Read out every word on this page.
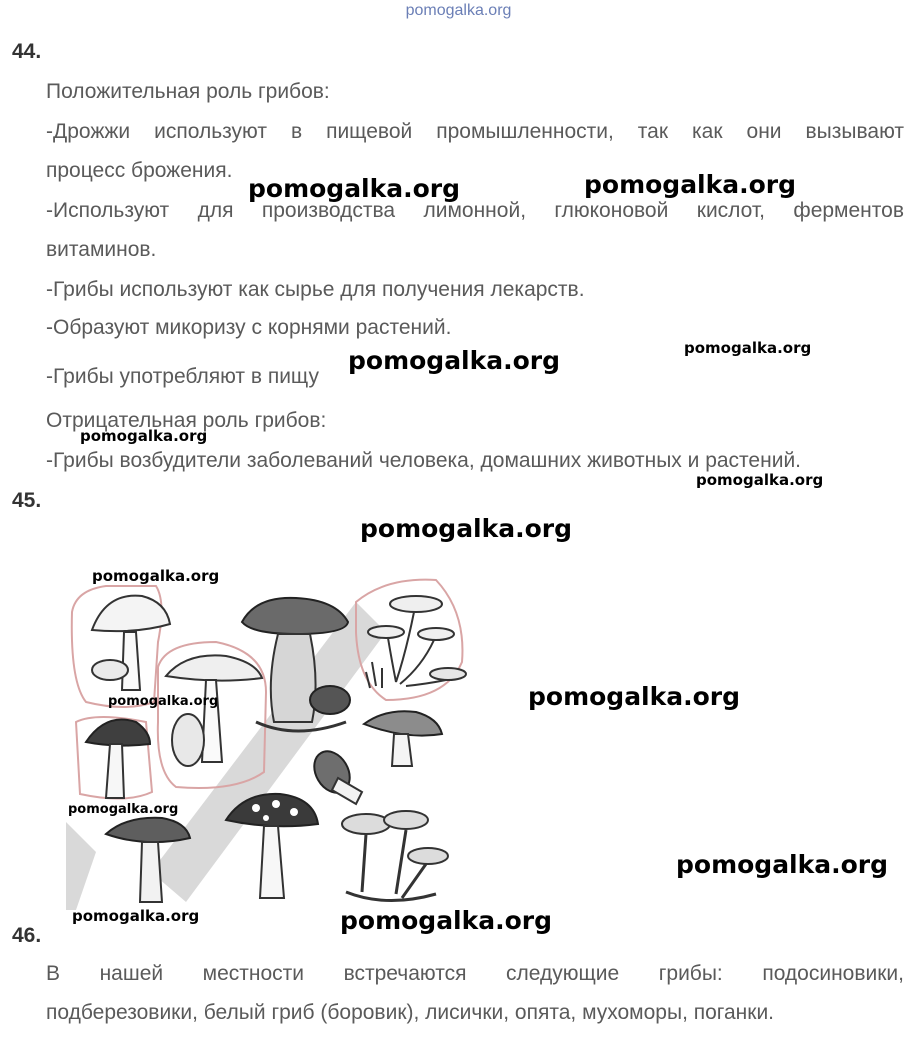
pomogalka.org
44.
Положительная роль грибов:
-Дрожжи используют в пищевой промышленности, так как они вызывают
процесс брожения.
-Используют для производства лимонной, глюконовой кислот, ферментов
витаминов.
-Грибы используют как сырье для получения лекарств.
-Образуют микоризу с корнями растений.
-Грибы употребляют в пищу
Отрицательная роль грибов:
-Грибы возбудители заболеваний человека, домашних животных и растений.
45.
46.
В нашей местности встречаются следующие грибы: подосиновики,
подберезовики, белый гриб (боровик), лисички, опята, мухоморы, поганки.
pomogalka.org	pomogalka.org
pomogalka.org	pomogalka.org
pomogalka.org
pomogalka.org
pomogalka.org
pomogalka.org
pomogalka.org
pomogalka.org
pomogalka.org
pomogalka.org
pomogalka.org	pomogalka.org
